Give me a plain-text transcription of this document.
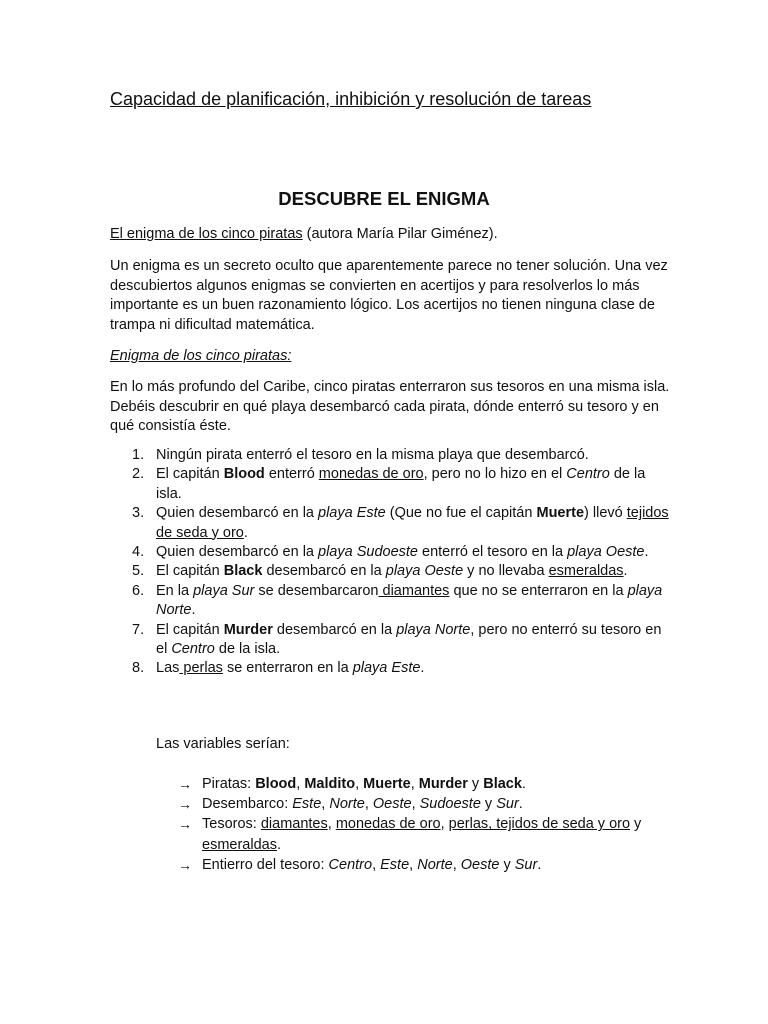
Capacidad de planificación, inhibición y resolución de tareas
DESCUBRE EL ENIGMA

El enigma de los cinco piratas (autora María Pilar Giménez).

Un enigma es un secreto oculto que aparentemente parece no tener solución. Una vez descubiertos algunos enigmas se convierten en acertijos y para resolverlos lo más importante es un buen razonamiento lógico. Los acertijos no tienen ninguna clase de trampa ni dificultad matemática.

Enigma de los cinco piratas:

En lo más profundo del Caribe, cinco piratas enterraron sus tesoros en una misma isla. Debéis descubrir en qué playa desembarcó cada pirata, dónde enterró su tesoro y en qué consistía éste.

1. Ningún pirata enterró el tesoro en la misma playa que desembarcó.
2. El capitán Blood enterró monedas de oro, pero no lo hizo en el Centro de la isla.
3. Quien desembarcó en la playa Este (Que no fue el capitán Muerte) llevó tejidos de seda y oro.
4. Quien desembarcó en la playa Sudoeste enterró el tesoro en la playa Oeste.
5. El capitán Black desembarcó en la playa Oeste y no llevaba esmeraldas.
6. En la playa Sur se desembarcaron diamantes que no se enterraron en la playa Norte.
7. El capitán Murder desembarcó en la playa Norte, pero no enterró su tesoro en el Centro de la isla.
8. Las perlas se enterraron en la playa Este.

Las variables serían:

→ Piratas: Blood, Maldito, Muerte, Murder y Black.
→ Desembarco: Este, Norte, Oeste, Sudoeste y Sur.
→ Tesoros: diamantes, monedas de oro, perlas, tejidos de seda y oro y esmeraldas.
→ Entierro del tesoro: Centro, Este, Norte, Oeste y Sur.
